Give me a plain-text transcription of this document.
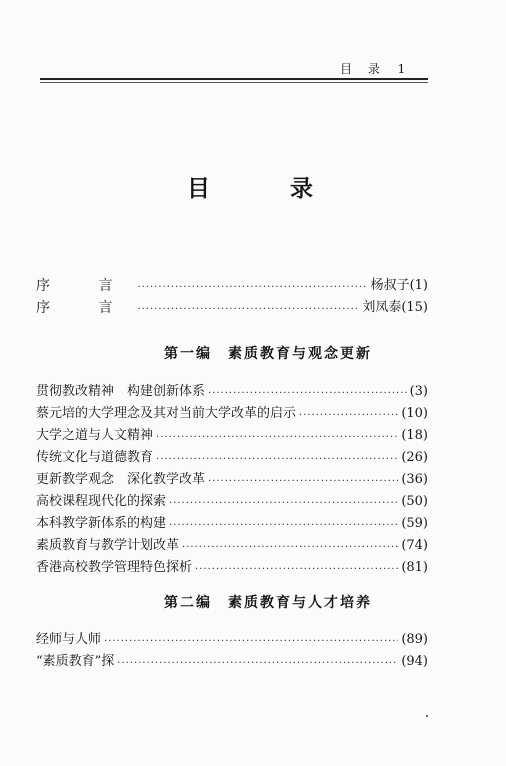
目 录 1
目 录
序 言 ·····	杨叔子(1)
序 言 ·····	刘凤泰(15)
第一编　素质教育与观念更新
贯彻教改精神　构建创新体系 ·····	(3)
蔡元培的大学理念及其对当前大学改革的启示 ·····	(10)
大学之道与人文精神 ·····	(18)
传统文化与道德教育 ·····	(26)
更新教学观念　深化教学改革 ·····	(36)
高校课程现代化的探索 ·····	(50)
本科教学新体系的构建 ·····	(59)
素质教育与教学计划改革 ·····	(74)
香港高校教学管理特色探析 ·····	(81)
第二编　素质教育与人才培养
经师与人师 ·····	(89)
“素质教育”探 ·····	(94)
